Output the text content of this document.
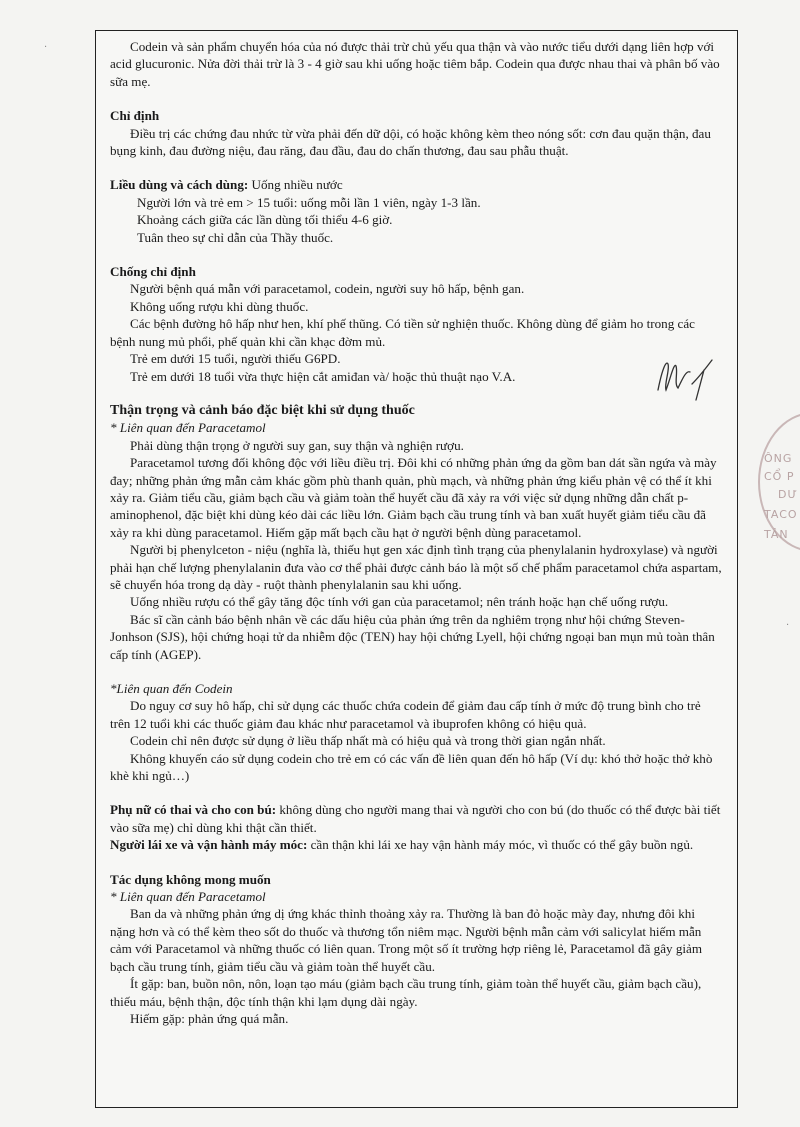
Codein và sản phẩm chuyển hóa của nó được thải trừ chủ yếu qua thận và vào nước tiểu dưới dạng liên hợp với acid glucuronic. Nửa đời thải trừ là 3 - 4 giờ sau khi uống hoặc tiêm bắp. Codein qua được nhau thai và phân bố vào sữa mẹ.

Chỉ định

Điều trị các chứng đau nhức từ vừa phải đến dữ dội, có hoặc không kèm theo nóng sốt: cơn đau quặn thận, đau bụng kinh, đau đường niệu, đau răng, đau đầu, đau do chấn thương, đau sau phẫu thuật.

Liều dùng và cách dùng: Uống nhiều nước

Người lớn và trẻ em > 15 tuổi: uống mỗi lần 1 viên, ngày 1-3 lần.

Khoảng cách giữa các lần dùng tối thiểu 4-6 giờ.

Tuân theo sự chỉ dẫn của Thầy thuốc.

Chống chỉ định

Người bệnh quá mẫn với paracetamol, codein, người suy hô hấp, bệnh gan.

Không uống rượu khi dùng thuốc.

Các bệnh đường hô hấp như hen, khí phế thũng. Có tiền sử nghiện thuốc. Không dùng để giảm ho trong các bệnh nung mủ phổi, phế quản khi cần khạc đờm mủ.

Trẻ em dưới 15 tuổi, người thiếu G6PD.

Trẻ em dưới 18 tuổi vừa thực hiện cắt amiđan và/ hoặc thủ thuật nạo V.A.

Thận trọng và cảnh báo đặc biệt khi sử dụng thuốc

* Liên quan đến Paracetamol

Phải dùng thận trọng ở người suy gan, suy thận và nghiện rượu.

Paracetamol tương đối không độc với liều điều trị. Đôi khi có những phản ứng da gồm ban dát sần ngứa và mày đay; những phản ứng mẫn cảm khác gồm phù thanh quản, phù mạch, và những phản ứng kiểu phản vệ có thể ít khi xảy ra. Giảm tiểu cầu, giảm bạch cầu và giảm toàn thể huyết cầu đã xảy ra với việc sử dụng những dẫn chất p-aminophenol, đặc biệt khi dùng kéo dài các liều lớn. Giảm bạch cầu trung tính và ban xuất huyết giảm tiểu cầu đã xảy ra khi dùng paracetamol. Hiếm gặp mất bạch cầu hạt ở người bệnh dùng paracetamol.

Người bị phenylceton - niệu (nghĩa là, thiếu hụt gen xác định tình trạng của phenylalanin hydroxylase) và người phải hạn chế lượng phenylalanin đưa vào cơ thể phải được cảnh báo là một số chế phẩm paracetamol chứa aspartam, sẽ chuyển hóa trong dạ dày - ruột thành phenylalanin sau khi uống.

Uống nhiều rượu có thể gây tăng độc tính với gan của paracetamol; nên tránh hoặc hạn chế uống rượu.

Bác sĩ cần cảnh báo bệnh nhân về các dấu hiệu của phản ứng trên da nghiêm trọng như hội chứng Steven-Jonhson (SJS), hội chứng hoại tử da nhiễm độc (TEN) hay hội chứng Lyell, hội chứng ngoại ban mụn mủ toàn thân cấp tính (AGEP).

*Liên quan đến Codein

Do nguy cơ suy hô hấp, chỉ sử dụng các thuốc chứa codein để giảm đau cấp tính ở mức độ trung bình cho trẻ trên 12 tuổi khi các thuốc giảm đau khác như paracetamol và ibuprofen không có hiệu quả.

Codein chỉ nên được sử dụng ở liều thấp nhất mà có hiệu quả và trong thời gian ngắn nhất.

Không khuyến cáo sử dụng codein cho trẻ em có các vấn đề liên quan đến hô hấp (Ví dụ: khó thở hoặc thở khò khè khi ngủ…)

Phụ nữ có thai và cho con bú: không dùng cho người mang thai và người cho con bú (do thuốc có thể được bài tiết vào sữa mẹ) chỉ dùng khi thật cần thiết.

Người lái xe và vận hành máy móc: cần thận khi lái xe hay vận hành máy móc, vì thuốc có thể gây buồn ngủ.

Tác dụng không mong muốn

* Liên quan đến Paracetamol

Ban da và những phản ứng dị ứng khác thỉnh thoảng xảy ra. Thường là ban đỏ hoặc mày đay, nhưng đôi khi nặng hơn và có thể kèm theo sốt do thuốc và thương tổn niêm mạc. Người bệnh mẫn cảm với salicylat hiếm mẫn cảm với Paracetamol và những thuốc có liên quan. Trong một số ít trường hợp riêng lẻ, Paracetamol đã gây giảm bạch cầu trung tính, giảm tiểu cầu và giảm toàn thể huyết cầu.

Ít gặp: ban, buồn nôn, nôn, loạn tạo máu (giảm bạch cầu trung tính, giảm toàn thể huyết cầu, giảm bạch cầu), thiếu máu, bệnh thận, độc tính thận khi lạm dụng dài ngày.

Hiếm gặp: phản ứng quá mẫn.

ÔNG
CỔ P
DƯ
TACO
TÂN
·
·
